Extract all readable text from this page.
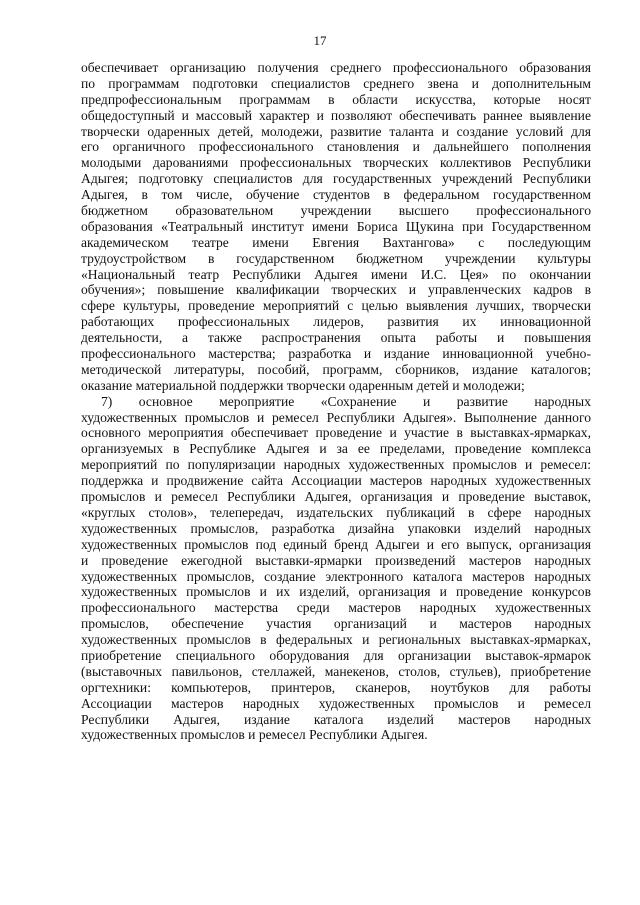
17
обеспечивает организацию получения среднего профессионального образования
по программам подготовки специалистов среднего звена и дополнительным
предпрофессиональным программам в области искусства, которые носят
общедоступный и массовый характер и позволяют обеспечивать раннее выявление
творчески одаренных детей, молодежи, развитие таланта и создание условий для
его органичного профессионального становления и дальнейшего пополнения
молодыми дарованиями профессиональных творческих коллективов Республики
Адыгея; подготовку специалистов для государственных учреждений Республики
Адыгея, в том числе, обучение студентов в федеральном государственном
бюджетном образовательном учреждении высшего профессионального
образования «Театральный институт имени Бориса Щукина при Государственном
академическом театре имени Евгения Вахтангова» с последующим
трудоустройством в государственном бюджетном учреждении культуры
«Национальный театр Республики Адыгея имени И.С. Цея» по окончании
обучения»; повышение квалификации творческих и управленческих кадров в
сфере культуры, проведение мероприятий с целью выявления лучших, творчески
работающих профессиональных лидеров, развития их инновационной
деятельности, а также распространения опыта работы и повышения
профессионального мастерства; разработка и издание инновационной учебно-
методической литературы, пособий, программ, сборников, издание каталогов;
оказание материальной поддержки творчески одаренным детей и молодежи;
7) основное мероприятие «Сохранение и развитие народных
художественных промыслов и ремесел Республики Адыгея». Выполнение данного
основного мероприятия обеспечивает проведение и участие в выставках-ярмарках,
организуемых в Республике Адыгея и за ее пределами, проведение комплекса
мероприятий по популяризации народных художественных промыслов и ремесел:
поддержка и продвижение сайта Ассоциации мастеров народных художественных
промыслов и ремесел Республики Адыгея, организация и проведение выставок,
«круглых столов», телепередач, издательских публикаций в сфере народных
художественных промыслов, разработка дизайна упаковки изделий народных
художественных промыслов под единый бренд Адыгеи и его выпуск, организация
и проведение ежегодной выставки-ярмарки произведений мастеров народных
художественных промыслов, создание электронного каталога мастеров народных
художественных промыслов и их изделий, организация и проведение конкурсов
профессионального мастерства среди мастеров народных художественных
промыслов, обеспечение участия организаций и мастеров народных
художественных промыслов в федеральных и региональных выставках-ярмарках,
приобретение специального оборудования для организации выставок-ярмарок
(выставочных павильонов, стеллажей, манекенов, столов, стульев), приобретение
оргтехники: компьютеров, принтеров, сканеров, ноутбуков для работы
Ассоциации мастеров народных художественных промыслов и ремесел
Республики Адыгея, издание каталога изделий мастеров народных
художественных промыслов и ремесел Республики Адыгея.
